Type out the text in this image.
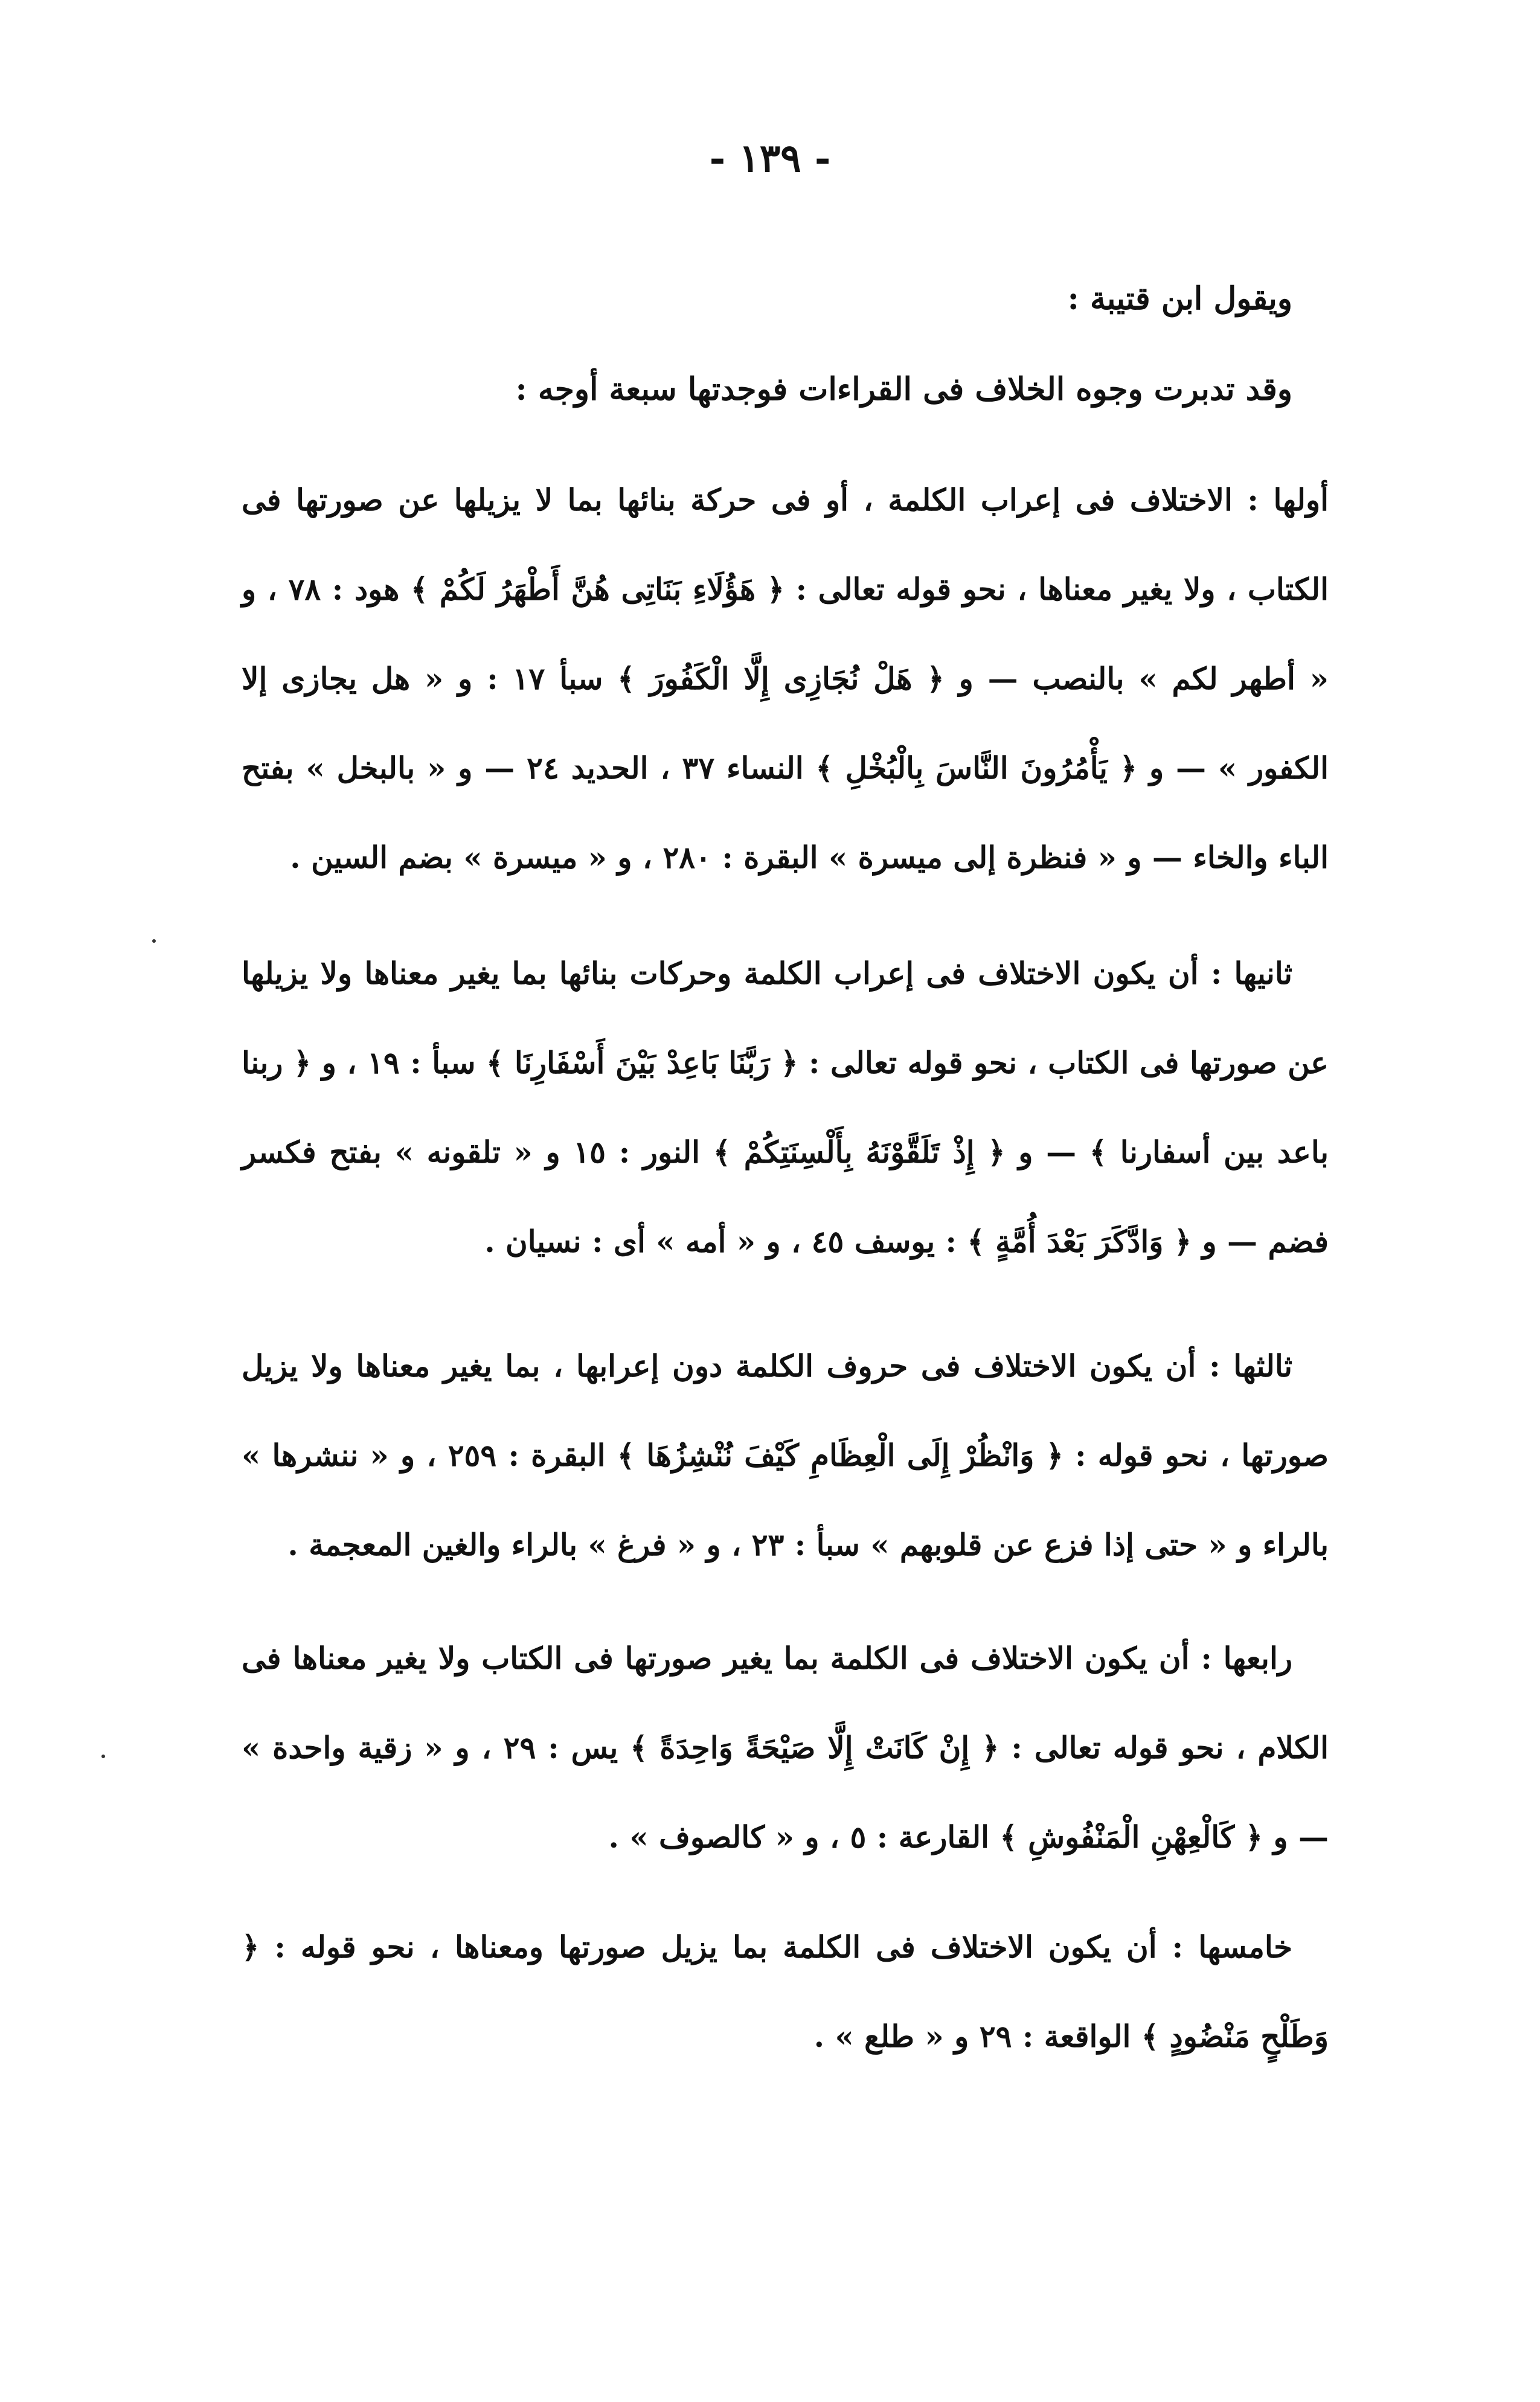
- ١٣٩ -

ويقول ابن قتيبة :

وقد تدبرت وجوه الخلاف فى القراءات فوجدتها سبعة أوجه :

أولها : الاختلاف فى إعراب الكلمة ، أو فى حركة بنائها بما لا يزيلها عن صورتها فى الكتاب ، ولا يغير معناها ، نحو قوله تعالى : ﴿ هَؤُلَاءِ بَنَاتِى هُنَّ أَطْهَرُ لَكُمْ ﴾ هود : ٧٨ ، و « أطهر لكم » بالنصب — و ﴿ هَلْ نُجَازِى إِلَّا الْكَفُورَ ﴾ سبأ ١٧ : و « هل يجازى إلا الكفور » — و ﴿ يَأْمُرُونَ النَّاسَ بِالْبُخْلِ ﴾ النساء ٣٧ ، الحديد ٢٤ — و « بالبخل » بفتح الباء والخاء — و « فنظرة إلى ميسرة » البقرة : ٢٨٠ ، و « ميسرة » بضم السين .

ثانيها : أن يكون الاختلاف فى إعراب الكلمة وحركات بنائها بما يغير معناها ولا يزيلها عن صورتها فى الكتاب ، نحو قوله تعالى : ﴿ رَبَّنَا بَاعِدْ بَيْنَ أَسْفَارِنَا ﴾ سبأ : ١٩ ، و ﴿ ربنا باعد بين أسفارنا ﴾ — و ﴿ إِذْ تَلَقَّوْنَهُ بِأَلْسِنَتِكُمْ ﴾ النور : ١٥ و « تلقونه » بفتح فكسر فضم — و ﴿ وَادَّكَرَ بَعْدَ أُمَّةٍ ﴾ : يوسف ٤٥ ، و « أمه » أى : نسيان .

ثالثها : أن يكون الاختلاف فى حروف الكلمة دون إعرابها ، بما يغير معناها ولا يزيل صورتها ، نحو قوله : ﴿ وَانْظُرْ إِلَى الْعِظَامِ كَيْفَ نُنْشِزُهَا ﴾ البقرة : ٢٥٩ ، و « ننشرها » بالراء و « حتى إذا فزع عن قلوبهم » سبأ : ٢٣ ، و « فرغ » بالراء والغين المعجمة .

رابعها : أن يكون الاختلاف فى الكلمة بما يغير صورتها فى الكتاب ولا يغير معناها فى الكلام ، نحو قوله تعالى : ﴿ إِنْ كَانَتْ إِلَّا صَيْحَةً وَاحِدَةً ﴾ يس : ٢٩ ، و « زقية واحدة » — و ﴿ كَالْعِهْنِ الْمَنْفُوشِ ﴾ القارعة : ٥ ، و « كالصوف » .

خامسها : أن يكون الاختلاف فى الكلمة بما يزيل صورتها ومعناها ، نحو قوله : ﴿ وَطَلْحٍ مَنْضُودٍ ﴾ الواقعة : ٢٩ و « طلع » .
